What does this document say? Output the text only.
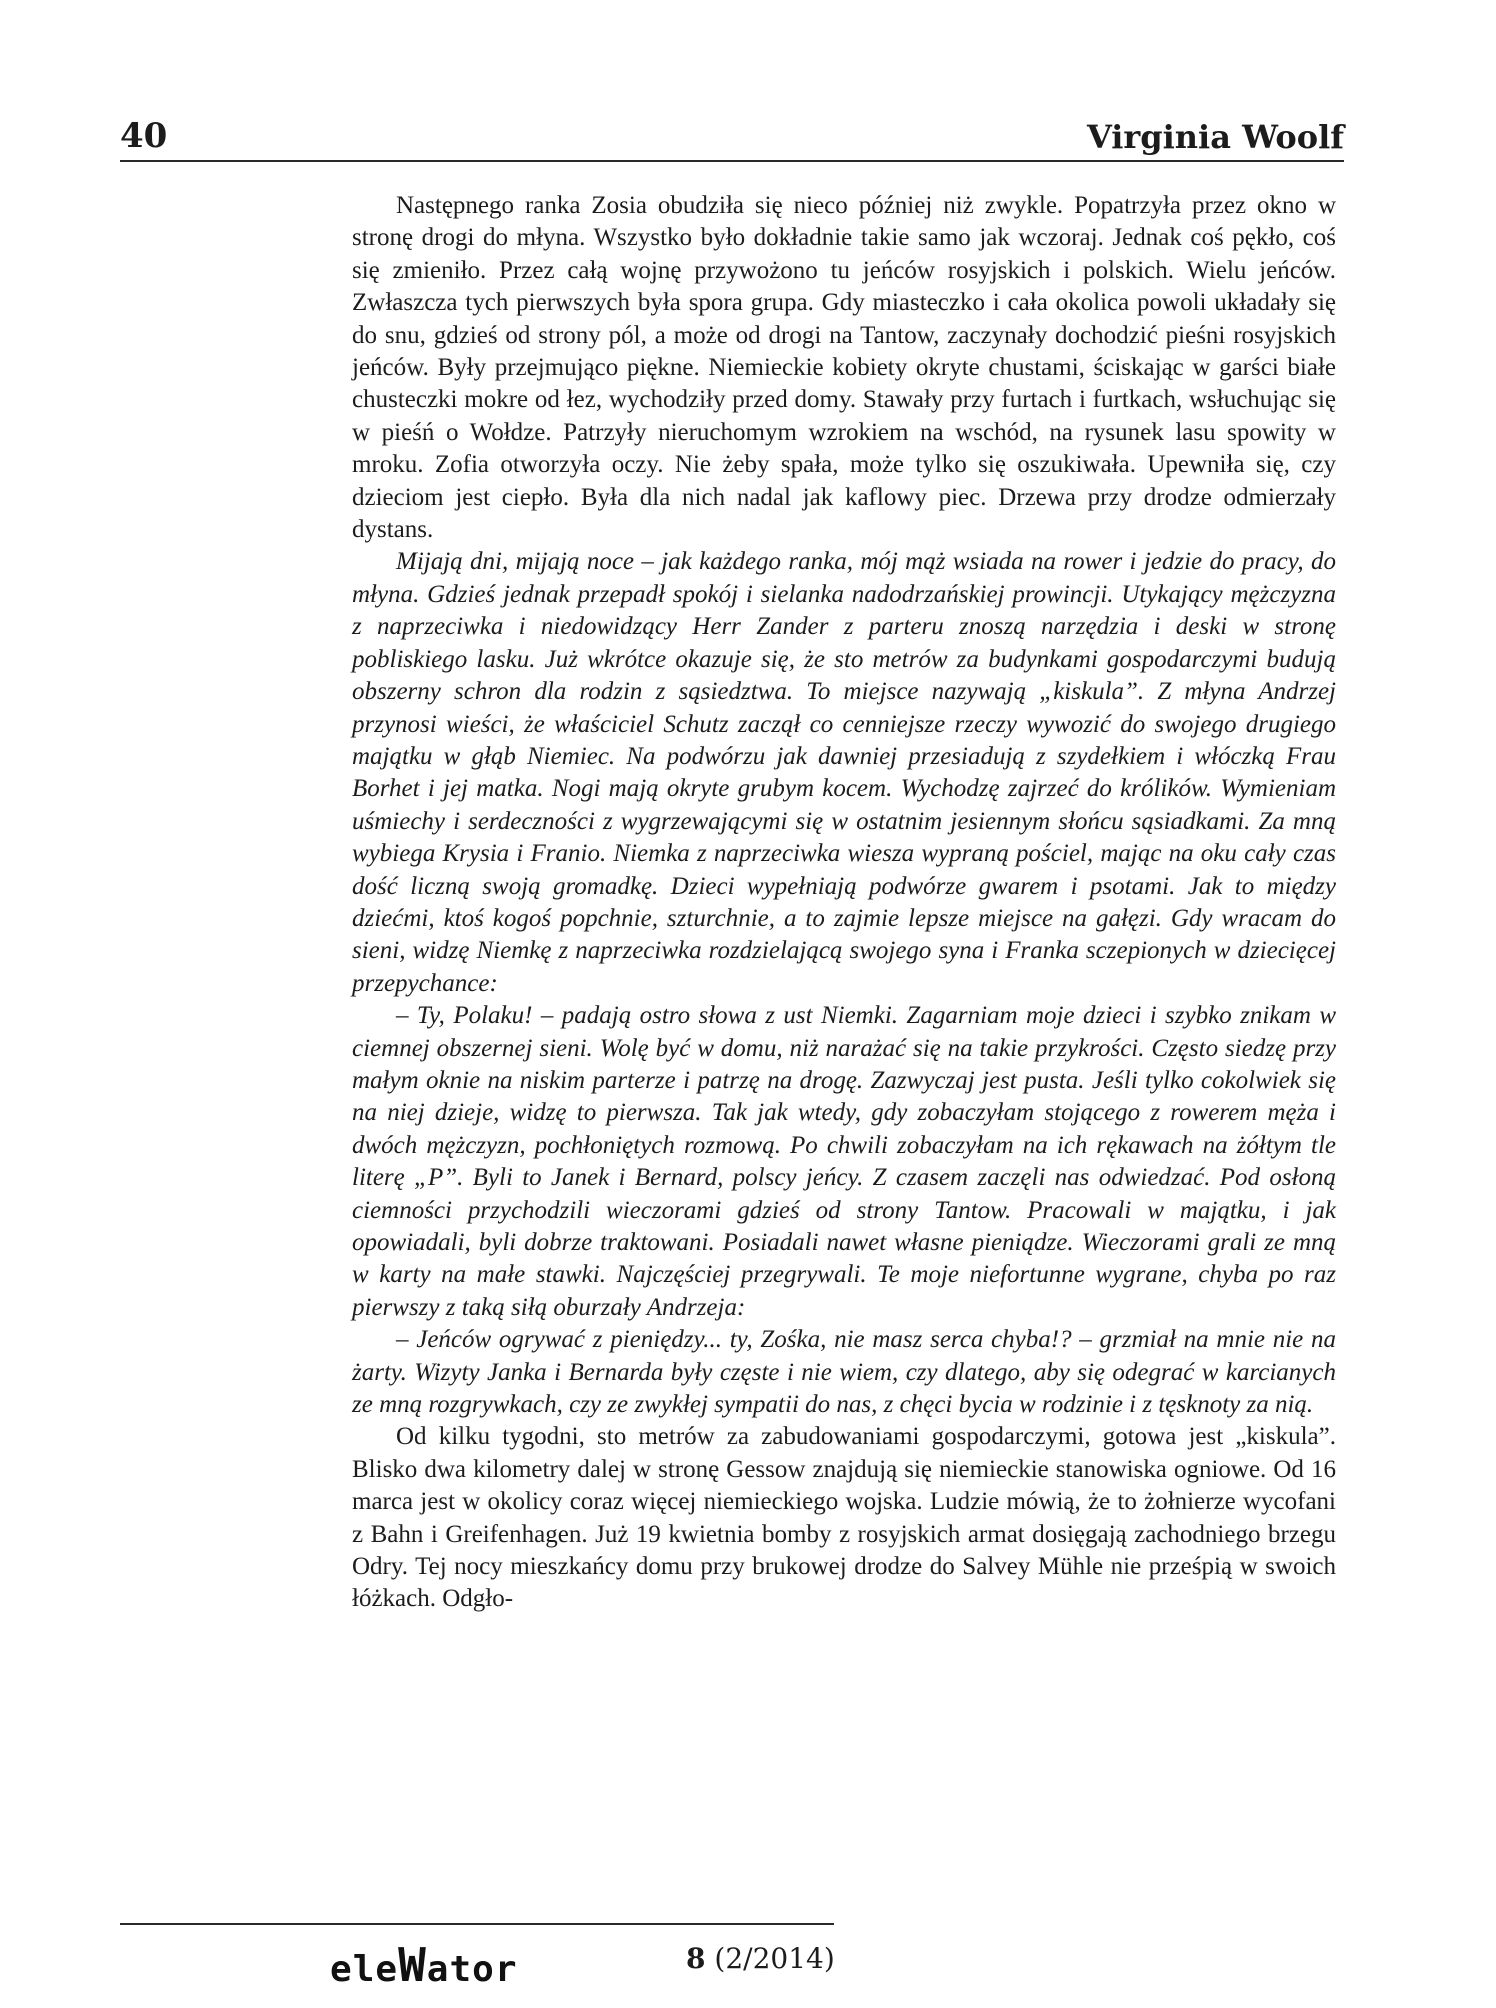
40	Virginia Woolf

Następnego ranka Zosia obudziła się nieco później niż zwykle. Popatrzyła przez okno w stronę drogi do młyna. Wszystko było dokładnie takie samo jak wczoraj. Jednak coś pękło, coś się zmieniło. Przez całą wojnę przywożono tu jeńców rosyjskich i polskich. Wielu jeńców. Zwłaszcza tych pierwszych była spora grupa. Gdy miasteczko i cała okolica powoli układały się do snu, gdzieś od strony pól, a może od drogi na Tantow, zaczynały dochodzić pieśni rosyjskich jeńców. Były przejmująco piękne. Niemieckie kobiety okryte chustami, ściskając w garści białe chusteczki mokre od łez, wychodziły przed domy. Stawały przy furtach i furtkach, wsłuchując się w pieśń o Wołdze. Patrzyły nieruchomym wzrokiem na wschód, na rysunek lasu spowity w mroku. Zofia otworzyła oczy. Nie żeby spała, może tylko się oszukiwała. Upewniła się, czy dzieciom jest ciepło. Była dla nich nadal jak kaflowy piec. Drzewa przy drodze odmierzały dystans.

Mijają dni, mijają noce – jak każdego ranka, mój mąż wsiada na rower i jedzie do pracy, do młyna. Gdzieś jednak przepadł spokój i sielanka nadodrzańskiej prowincji. Utykający mężczyzna z naprzeciwka i niedowidzący Herr Zander z parteru znoszą narzędzia i deski w stronę pobliskiego lasku. Już wkrótce okazuje się, że sto metrów za budynkami gospodarczymi budują obszerny schron dla rodzin z sąsiedztwa. To miejsce nazywają „kiskula”. Z młyna Andrzej przynosi wieści, że właściciel Schutz zaczął co cenniejsze rzeczy wywozić do swojego drugiego majątku w głąb Niemiec. Na podwórzu jak dawniej przesiadują z szydełkiem i włóczką Frau Borhet i jej matka. Nogi mają okryte grubym kocem. Wychodzę zajrzeć do królików. Wymieniam uśmiechy i serdeczności z wygrzewającymi się w ostatnim jesiennym słońcu sąsiadkami. Za mną wybiega Krysia i Franio. Niemka z naprzeciwka wiesza wypraną pościel, mając na oku cały czas dość liczną swoją gromadkę. Dzieci wypełniają podwórze gwarem i psotami. Jak to między dziećmi, ktoś kogoś popchnie, szturchnie, a to zajmie lepsze miejsce na gałęzi. Gdy wracam do sieni, widzę Niemkę z naprzeciwka rozdzielającą swojego syna i Franka sczepionych w dziecięcej przepychance:

– Ty, Polaku! – padają ostro słowa z ust Niemki. Zagarniam moje dzieci i szybko znikam w ciemnej obszernej sieni. Wolę być w domu, niż narażać się na takie przykrości. Często siedzę przy małym oknie na niskim parterze i patrzę na drogę. Zazwyczaj jest pusta. Jeśli tylko cokolwiek się na niej dzieje, widzę to pierwsza. Tak jak wtedy, gdy zobaczyłam stojącego z rowerem męża i dwóch mężczyzn, pochłoniętych rozmową. Po chwili zobaczyłam na ich rękawach na żółtym tle literę „P”. Byli to Janek i Bernard, polscy jeńcy. Z czasem zaczęli nas odwiedzać. Pod osłoną ciemności przychodzili wieczorami gdzieś od strony Tantow. Pracowali w majątku, i jak opowiadali, byli dobrze traktowani. Posiadali nawet własne pieniądze. Wieczorami grali ze mną w karty na małe stawki. Najczęściej przegrywali. Te moje niefortunne wygrane, chyba po raz pierwszy z taką siłą oburzały Andrzeja:

– Jeńców ogrywać z pieniędzy... ty, Zośka, nie masz serca chyba!? – grzmiał na mnie nie na żarty. Wizyty Janka i Bernarda były częste i nie wiem, czy dlatego, aby się odegrać w karcianych ze mną rozgrywkach, czy ze zwykłej sympatii do nas, z chęci bycia w rodzinie i z tęsknoty za nią.

Od kilku tygodni, sto metrów za zabudowaniami gospodarczymi, gotowa jest „kiskula”. Blisko dwa kilometry dalej w stronę Gessow znajdują się niemieckie stanowiska ogniowe. Od 16 marca jest w okolicy coraz więcej niemieckiego wojska. Ludzie mówią, że to żołnierze wycofani z Bahn i Greifenhagen. Już 19 kwietnia bomby z rosyjskich armat dosięgają zachodniego brzegu Odry. Tej nocy mieszkańcy domu przy brukowej drodze do Salvey Mühle nie prześpią w swoich łóżkach. Odgło-

eleWator	8 (2/2014)
